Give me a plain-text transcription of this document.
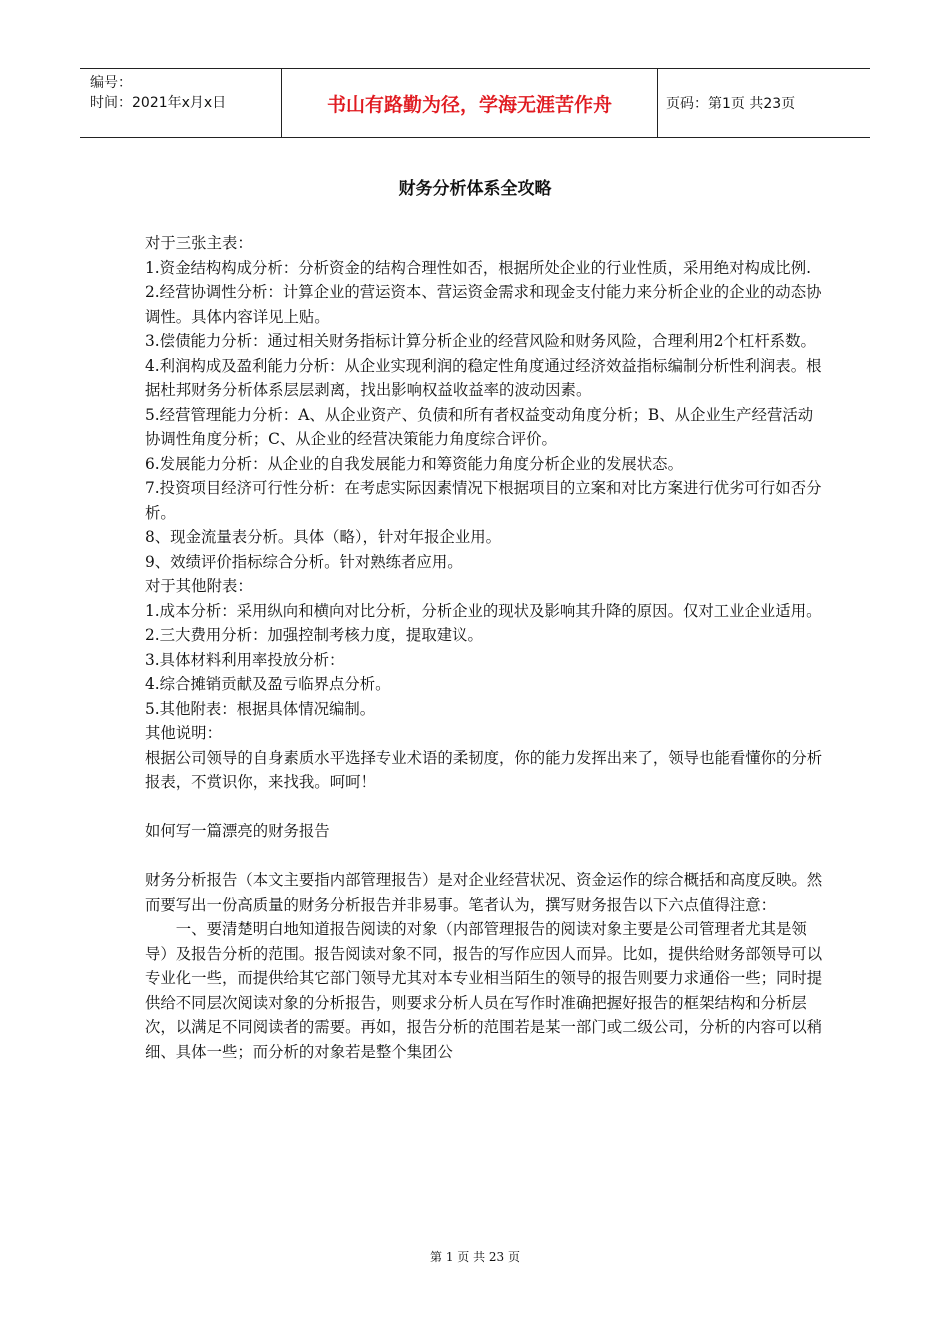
编号：
时间：2021年x月x日	书山有路勤为径，学海无涯苦作舟	页码：第1页 共23页
财务分析体系全攻略

对于三张主表：

1.资金结构构成分析：分析资金的结构合理性如否，根据所处企业的行业性质，采用绝对构成比例.

2.经营协调性分析：计算企业的营运资本、营运资金需求和现金支付能力来分析企业的企业的动态协调性。具体内容详见上贴。

3.偿债能力分析：通过相关财务指标计算分析企业的经营风险和财务风险，合理利用2个杠杆系数。

4.利润构成及盈利能力分析：从企业实现利润的稳定性角度通过经济效益指标编制分析性利润表。根据杜邦财务分析体系层层剥离，找出影响权益收益率的波动因素。

5.经营管理能力分析：A、从企业资产、负债和所有者权益变动角度分析；B、从企业生产经营活动协调性角度分析；C、从企业的经营决策能力角度综合评价。

6.发展能力分析：从企业的自我发展能力和筹资能力角度分析企业的发展状态。

7.投资项目经济可行性分析：在考虑实际因素情况下根据项目的立案和对比方案进行优劣可行如否分析。

8、现金流量表分析。具体（略），针对年报企业用。

9、效绩评价指标综合分析。针对熟练者应用。

对于其他附表：

1.成本分析：采用纵向和横向对比分析，分析企业的现状及影响其升降的原因。仅对工业企业适用。

2.三大费用分析：加强控制考核力度，提取建议。

3.具体材料利用率投放分析：

4.综合摊销贡献及盈亏临界点分析。

5.其他附表：根据具体情况编制。

其他说明：

根据公司领导的自身素质水平选择专业术语的柔韧度，你的能力发挥出来了，领导也能看懂你的分析报表，不赏识你，来找我。呵呵！

如何写一篇漂亮的财务报告

财务分析报告（本文主要指内部管理报告）是对企业经营状况、资金运作的综合概括和高度反映。然而要写出一份高质量的财务分析报告并非易事。笔者认为，撰写财务报告以下六点值得注意：

　　一、要清楚明白地知道报告阅读的对象（内部管理报告的阅读对象主要是公司管理者尤其是领导）及报告分析的范围。报告阅读对象不同，报告的写作应因人而异。比如，提供给财务部领导可以专业化一些，而提供给其它部门领导尤其对本专业相当陌生的领导的报告则要力求通俗一些；同时提供给不同层次阅读对象的分析报告，则要求分析人员在写作时准确把握好报告的框架结构和分析层次，以满足不同阅读者的需要。再如，报告分析的范围若是某一部门或二级公司，分析的内容可以稍细、具体一些；而分析的对象若是整个集团公

第 1 页 共 23 页
